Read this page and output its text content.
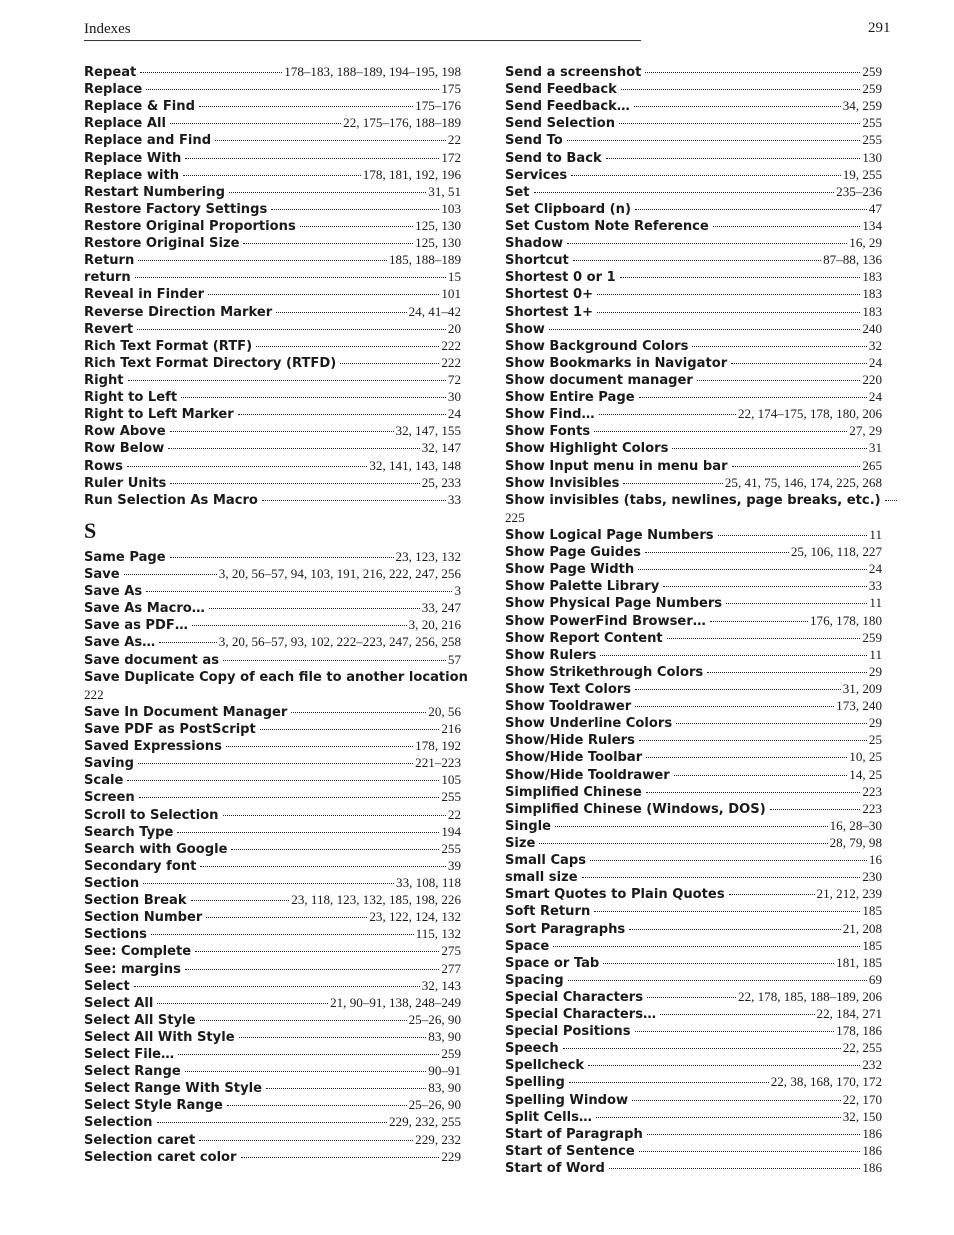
Indexes	291
Repeat	178–183, 188–189, 194–195, 198
Replace	175
Replace & Find	175–176
Replace All	22, 175–176, 188–189
Replace and Find	22
Replace With	172
Replace with	178, 181, 192, 196
Restart Numbering	31, 51
Restore Factory Settings	103
Restore Original Proportions	125, 130
Restore Original Size	125, 130
Return	185, 188–189
return	15
Reveal in Finder	101
Reverse Direction Marker	24, 41–42
Revert	20
Rich Text Format (RTF)	222
Rich Text Format Directory (RTFD)	222
Right	72
Right to Left	30
Right to Left Marker	24
Row Above	32, 147, 155
Row Below	32, 147
Rows	32, 141, 143, 148
Ruler Units	25, 233
Run Selection As Macro	33
S
Same Page	23, 123, 132
Save	3, 20, 56–57, 94, 103, 191, 216, 222, 247, 256
Save As	3
Save As Macro…	33, 247
Save as PDF…	3, 20, 216
Save As…	3, 20, 56–57, 93, 102, 222–223, 247, 256, 258
Save document as	57
Save Duplicate Copy of each file to another location
222
Save In Document Manager	20, 56
Save PDF as PostScript	216
Saved Expressions	178, 192
Saving	221–223
Scale	105
Screen	255
Scroll to Selection	22
Search Type	194
Search with Google	255
Secondary font	39
Section	33, 108, 118
Section Break	23, 118, 123, 132, 185, 198, 226
Section Number	23, 122, 124, 132
Sections	115, 132
See: Complete	275
See: margins	277
Select	32, 143
Select All	21, 90–91, 138, 248–249
Select All Style	25–26, 90
Select All With Style	83, 90
Select File…	259
Select Range	90–91
Select Range With Style	83, 90
Select Style Range	25–26, 90
Selection	229, 232, 255
Selection caret	229, 232
Selection caret color	229
Send a screenshot	259
Send Feedback	259
Send Feedback…	34, 259
Send Selection	255
Send To	255
Send to Back	130
Services	19, 255
Set	235–236
Set Clipboard (n)	47
Set Custom Note Reference	134
Shadow	16, 29
Shortcut	87–88, 136
Shortest 0 or 1	183
Shortest 0+	183
Shortest 1+	183
Show	240
Show Background Colors	32
Show Bookmarks in Navigator	24
Show document manager	220
Show Entire Page	24
Show Find…	22, 174–175, 178, 180, 206
Show Fonts	27, 29
Show Highlight Colors	31
Show Input menu in menu bar	265
Show Invisibles	25, 41, 75, 146, 174, 225, 268
Show invisibles (tabs, newlines, page breaks, etc.)
225
Show Logical Page Numbers	11
Show Page Guides	25, 106, 118, 227
Show Page Width	24
Show Palette Library	33
Show Physical Page Numbers	11
Show PowerFind Browser…	176, 178, 180
Show Report Content	259
Show Rulers	11
Show Strikethrough Colors	29
Show Text Colors	31, 209
Show Tooldrawer	173, 240
Show Underline Colors	29
Show/Hide Rulers	25
Show/Hide Toolbar	10, 25
Show/Hide Tooldrawer	14, 25
Simplified Chinese	223
Simplified Chinese (Windows, DOS)	223
Single	16, 28–30
Size	28, 79, 98
Small Caps	16
small size	230
Smart Quotes to Plain Quotes	21, 212, 239
Soft Return	185
Sort Paragraphs	21, 208
Space	185
Space or Tab	181, 185
Spacing	69
Special Characters	22, 178, 185, 188–189, 206
Special Characters…	22, 184, 271
Special Positions	178, 186
Speech	22, 255
Spellcheck	232
Spelling	22, 38, 168, 170, 172
Spelling Window	22, 170
Split Cells…	32, 150
Start of Paragraph	186
Start of Sentence	186
Start of Word	186
